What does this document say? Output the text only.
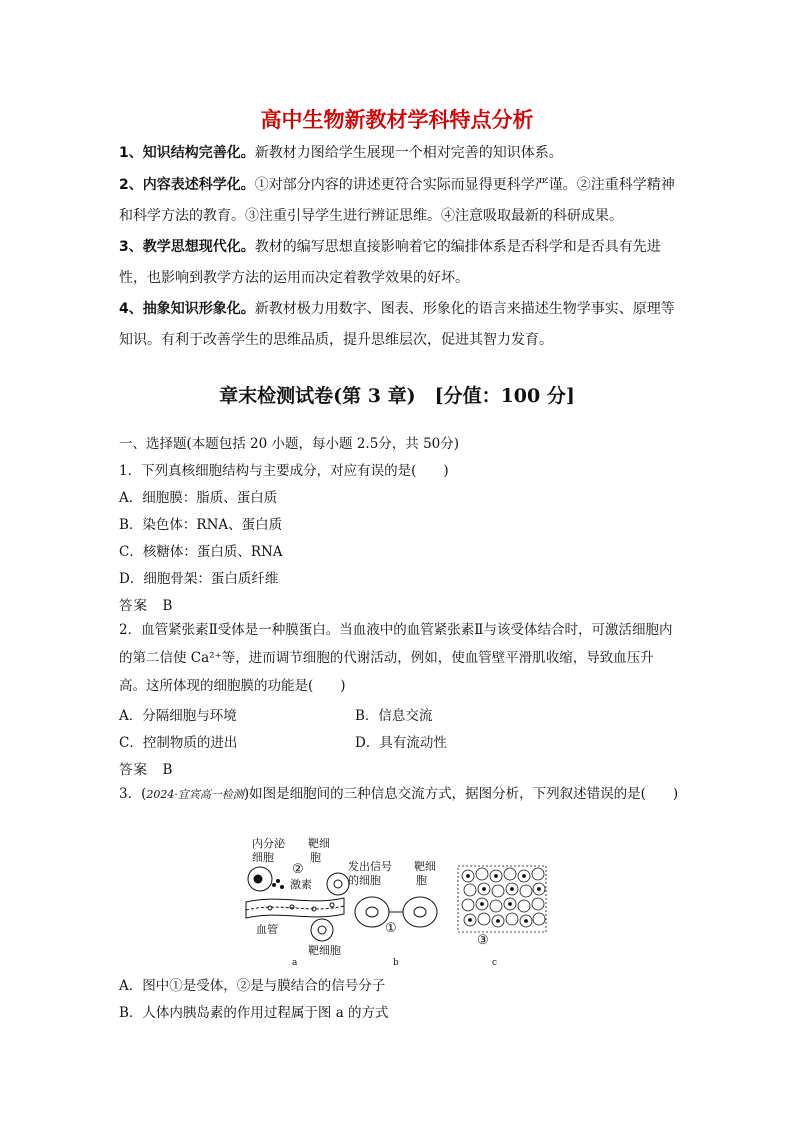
高中生物新教材学科特点分析
1、知识结构完善化。新教材力图给学生展现一个相对完善的知识体系。
2、内容表述科学化。①对部分内容的讲述更符合实际而显得更科学严谨。②注重科学精神和科学方法的教育。③注重引导学生进行辨证思维。④注意吸取最新的科研成果。
3、教学思想现代化。教材的编写思想直接影响着它的编排体系是否科学和是否具有先进性，也影响到教学方法的运用而决定着教学效果的好坏。
4、抽象知识形象化。新教材极力用数字、图表、形象化的语言来描述生物学事实、原理等知识。有利于改善学生的思维品质，提升思维层次，促进其智力发育。
章末检测试卷(第 3 章)　[分值：100 分]
一、选择题(本题包括 20 小题，每小题 2.5分，共 50分)
1．下列真核细胞结构与主要成分，对应有误的是(　　)
A．细胞膜：脂质、蛋白质
B．染色体：RNA、蛋白质
C．核糖体：蛋白质、RNA
D．细胞骨架：蛋白质纤维
答案　B
2．血管紧张素Ⅱ受体是一种膜蛋白。当血液中的血管紧张素Ⅱ与该受体结合时，可激活细胞内的第二信使 Ca²⁺等，进而调节细胞的代谢活动，例如，使血管壁平滑肌收缩，导致血压升高。这所体现的细胞膜的功能是(　　)
A．分隔细胞与环境	B．信息交流
C．控制物质的进出	D．具有流动性
答案　B
3．(2024·宜宾高一检测)如图是细胞间的三种信息交流方式，据图分析，下列叙述错误的是(　　)
内分泌
细胞
靶细
胞
②
激素
血管
靶细胞
a
发出信号
的细胞
靶细
胞
①
b
③
c
A．图中①是受体，②是与膜结合的信号分子
B．人体内胰岛素的作用过程属于图 a 的方式
